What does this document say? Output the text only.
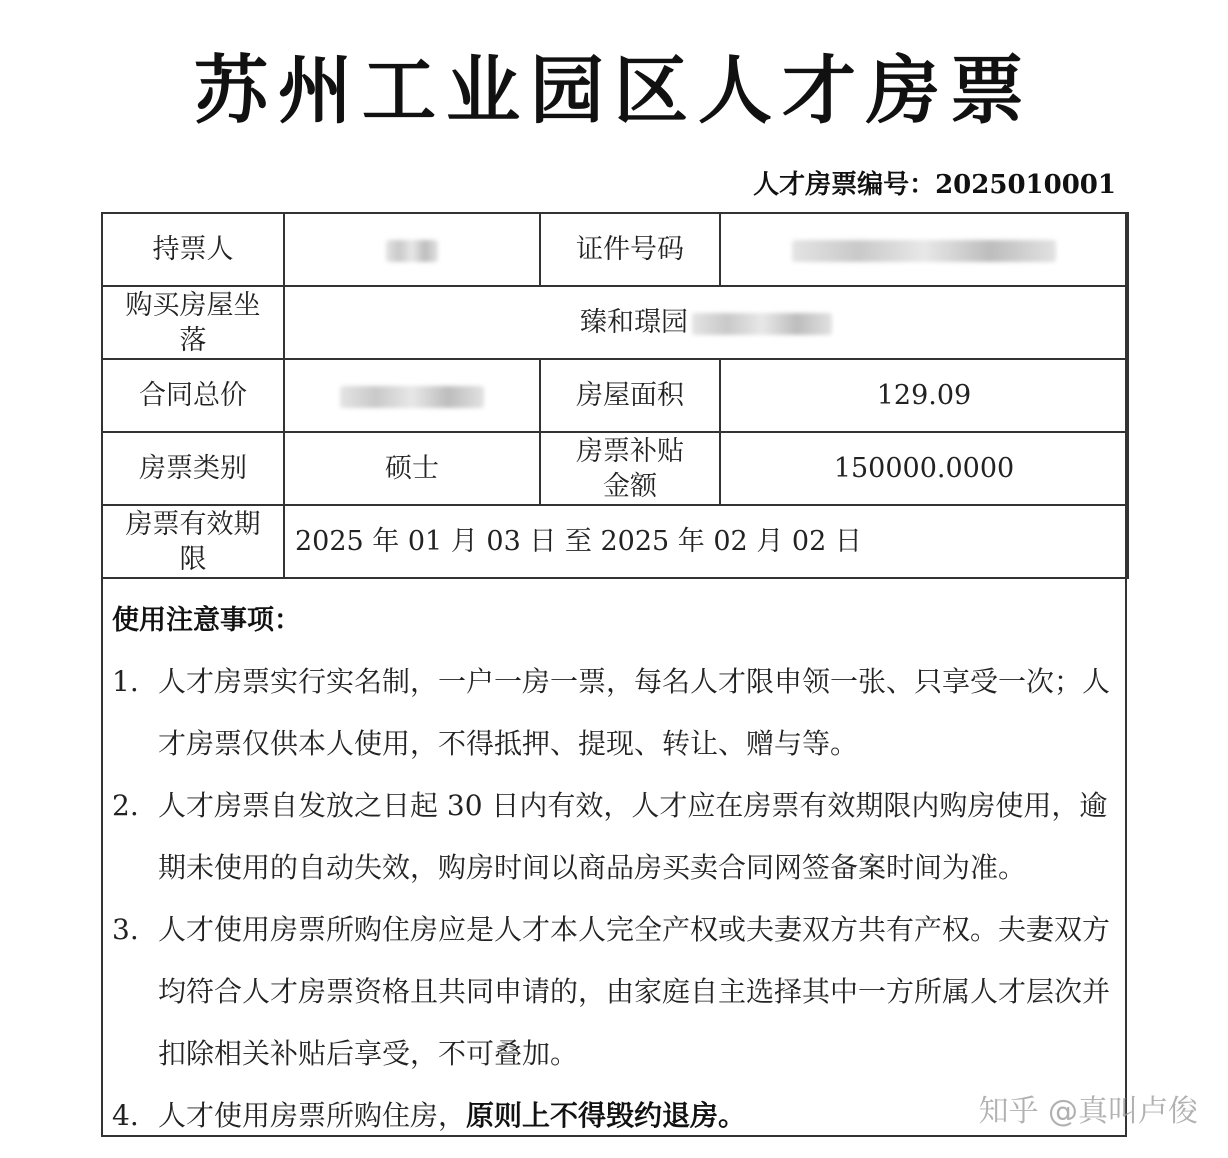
苏州工业园区人才房票
人才房票编号：2025010001
持票人		证件号码	
购买房屋坐落	臻和璟园		
合同总价		房屋面积	129.09
房票类别	硕士	房票补贴金额	150000.0000
房票有效期限	2025 年 01 月 03 日 至 2025 年 02 月 02 日		
使用注意事项：
1. 人才房票实行实名制，一户一房一票，每名人才限申领一张、只享受一次；人才房票仅供本人使用，不得抵押、提现、转让、赠与等。
2. 人才房票自发放之日起 30 日内有效，人才应在房票有效期限内购房使用，逾期未使用的自动失效，购房时间以商品房买卖合同网签备案时间为准。
3. 人才使用房票所购住房应是人才本人完全产权或夫妻双方共有产权。夫妻双方均符合人才房票资格且共同申请的，由家庭自主选择其中一方所属人才层次并扣除相关补贴后享受，不可叠加。
4. 人才使用房票所购住房，原则上不得毁约退房。	知乎 @真叫卢俊
